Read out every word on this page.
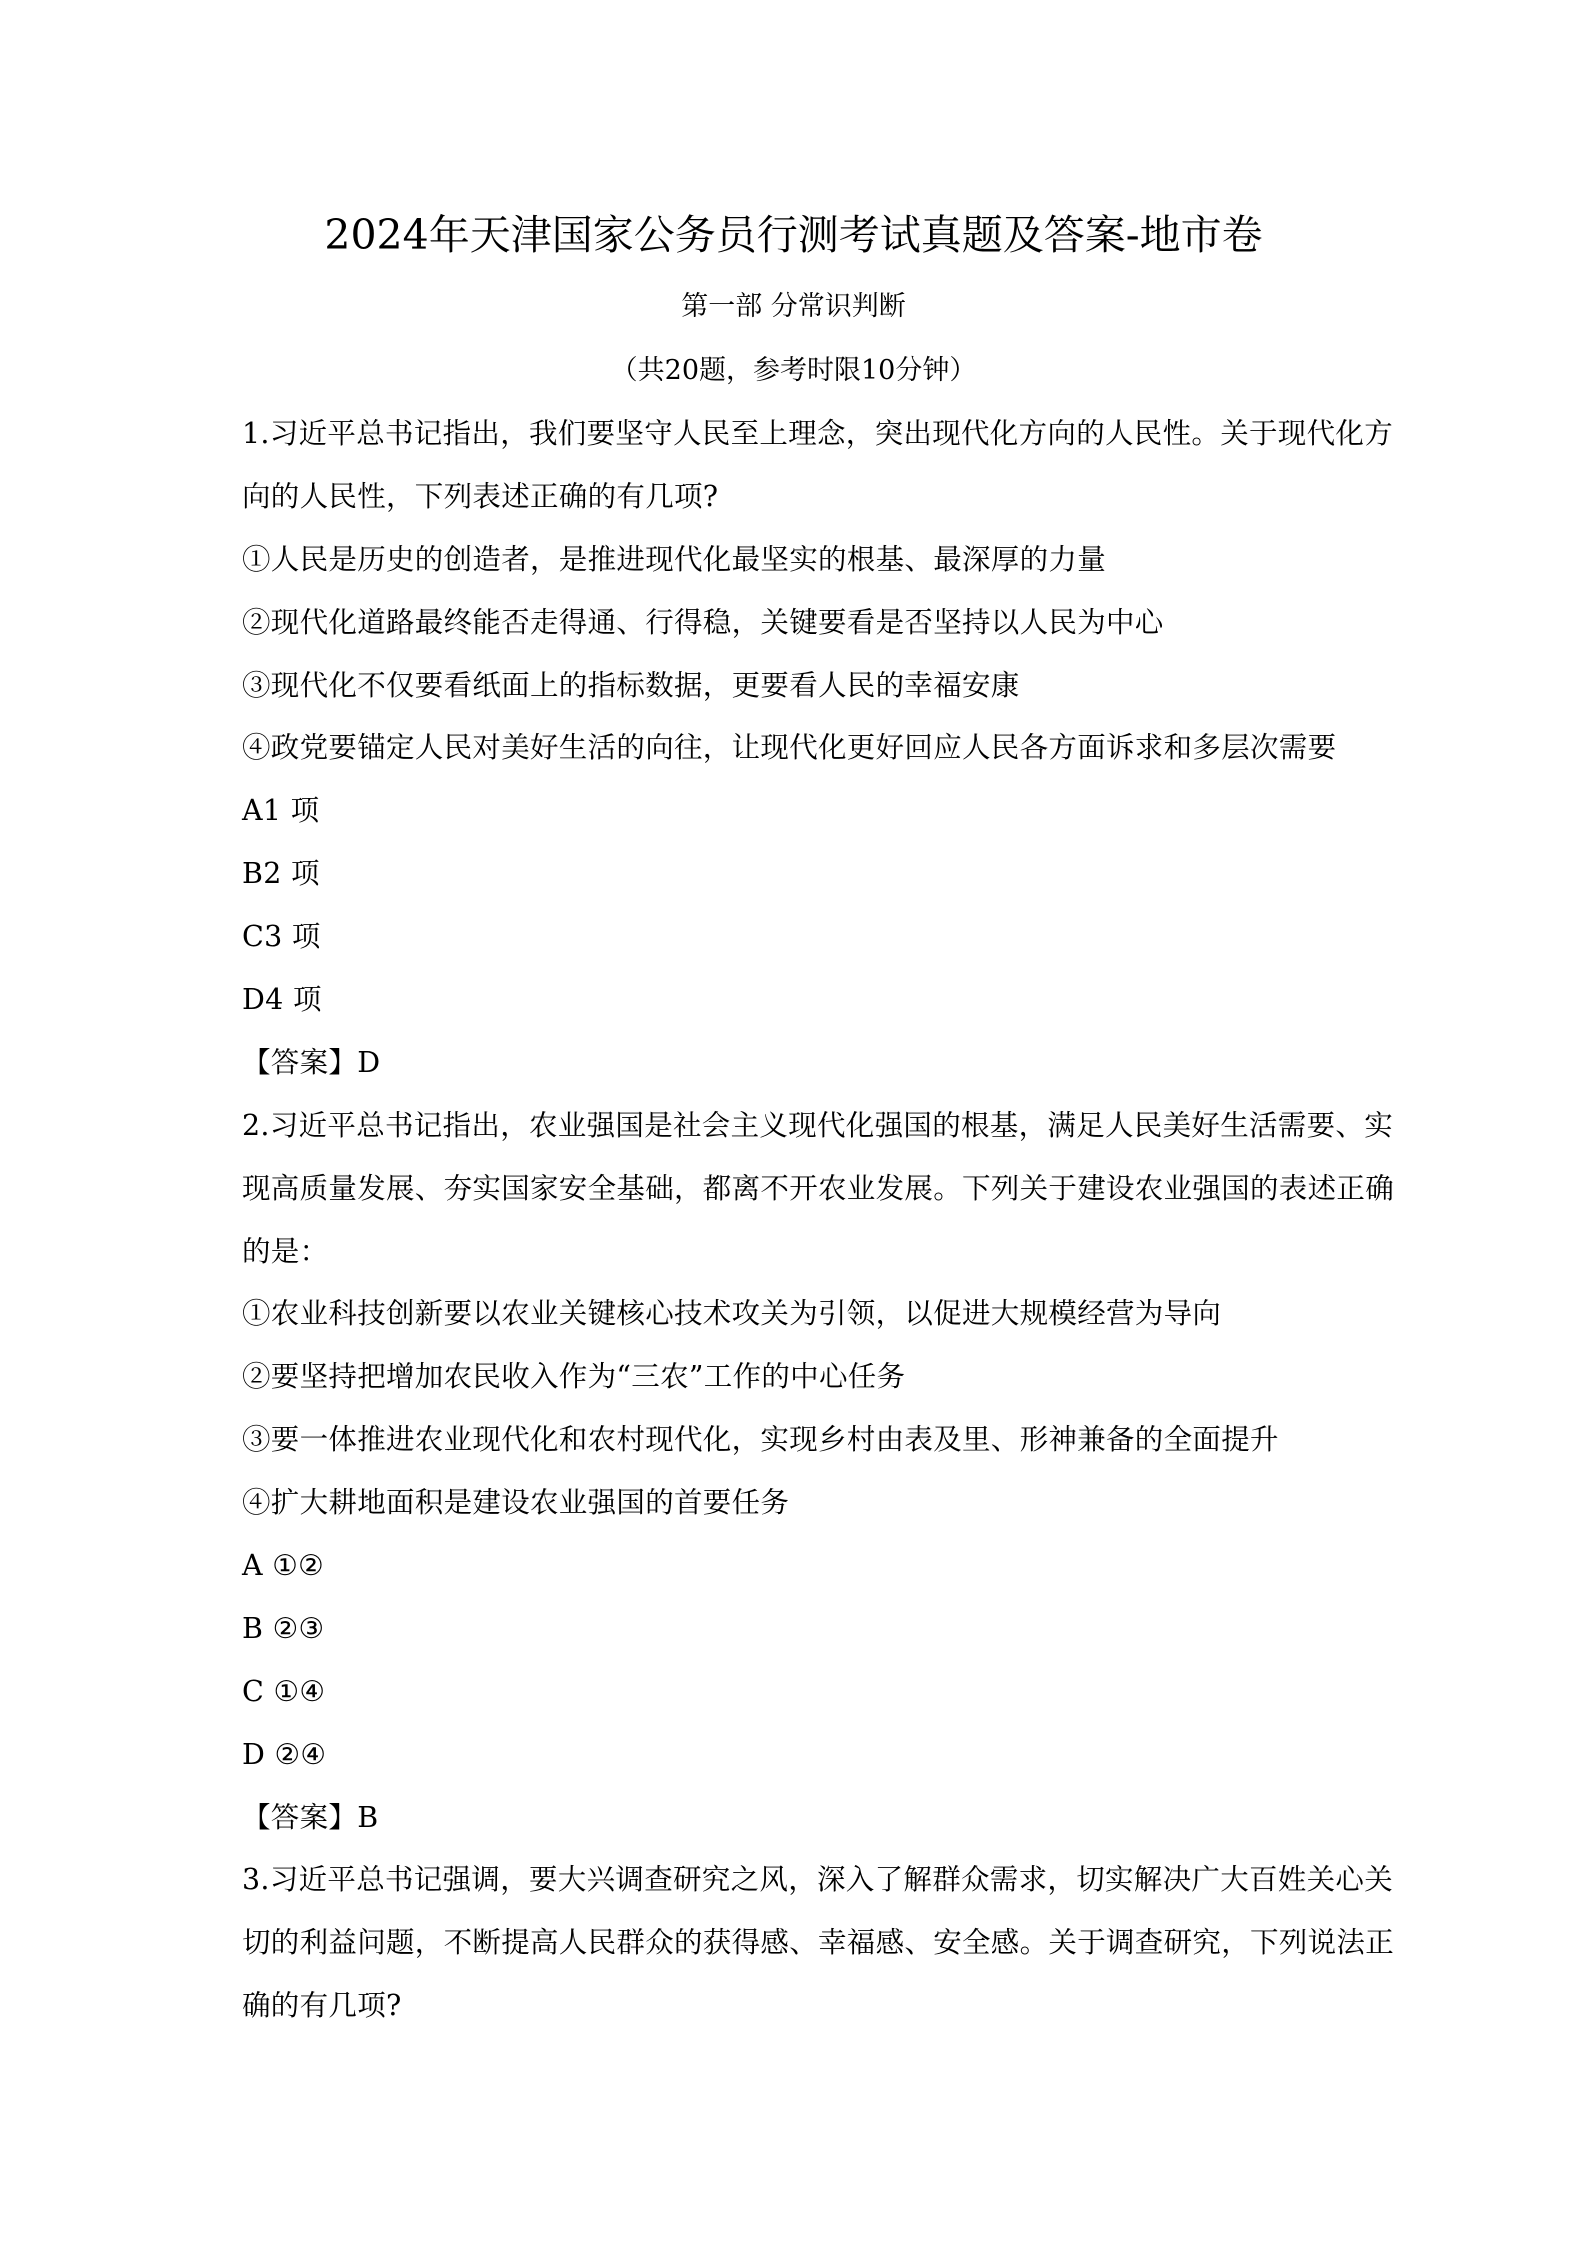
2024年天津国家公务员行测考试真题及答案-地市卷
第一部 分常识判断
（共20题，参考时限10分钟）
1.习近平总书记指出，我们要坚守人民至上理念，突出现代化方向的人民性。关于现代化方
向的人民性，下列表述正确的有几项?
①人民是历史的创造者，是推进现代化最坚实的根基、最深厚的力量
②现代化道路最终能否走得通、行得稳，关键要看是否坚持以人民为中心
③现代化不仅要看纸面上的指标数据，更要看人民的幸福安康
④政党要锚定人民对美好生活的向往，让现代化更好回应人民各方面诉求和多层次需要
A1 项
B2 项
C3 项
D4 项
【答案】D
2.习近平总书记指出，农业强国是社会主义现代化强国的根基，满足人民美好生活需要、实
现高质量发展、夯实国家安全基础，都离不开农业发展。下列关于建设农业强国的表述正确
的是：
①农业科技创新要以农业关键核心技术攻关为引领，以促进大规模经营为导向
②要坚持把增加农民收入作为“三农”工作的中心任务
③要一体推进农业现代化和农村现代化，实现乡村由表及里、形神兼备的全面提升
④扩大耕地面积是建设农业强国的首要任务
A ①②
B ②③
C ①④
D ②④
【答案】B
3.习近平总书记强调，要大兴调查研究之风，深入了解群众需求，切实解决广大百姓关心关
切的利益问题，不断提高人民群众的获得感、幸福感、安全感。关于调查研究，下列说法正
确的有几项?
